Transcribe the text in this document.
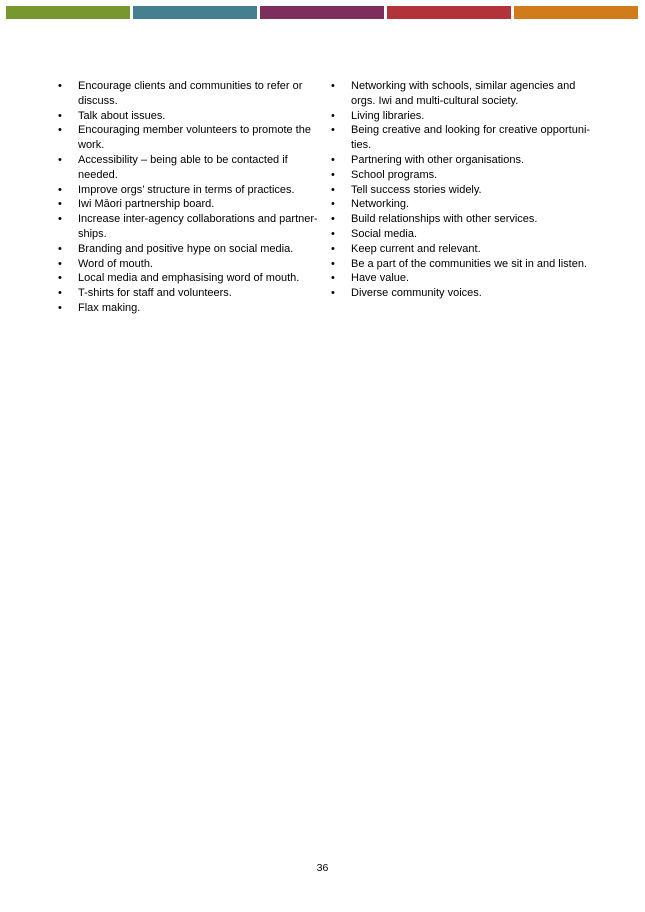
• Encourage clients and communities to refer or discuss.
• Talk about issues.
• Encouraging member volunteers to promote the work.
• Accessibility – being able to be contacted if needed.
• Improve orgs’ structure in terms of practices.
• Iwi Māori partnership board.
• Increase inter-agency collaborations and partner-ships.
• Branding and positive hype on social media.
• Word of mouth.
• Local media and emphasising word of mouth.
• T-shirts for staff and volunteers.
• Flax making.
• Networking with schools, similar agencies and orgs. Iwi and multi-cultural society.
• Living libraries.
• Being creative and looking for creative opportuni-ties.
• Partnering with other organisations.
• School programs.
• Tell success stories widely.
• Networking.
• Build relationships with other services.
• Social media.
• Keep current and relevant.
• Be a part of the communities we sit in and listen.
• Have value.
• Diverse community voices.
36
